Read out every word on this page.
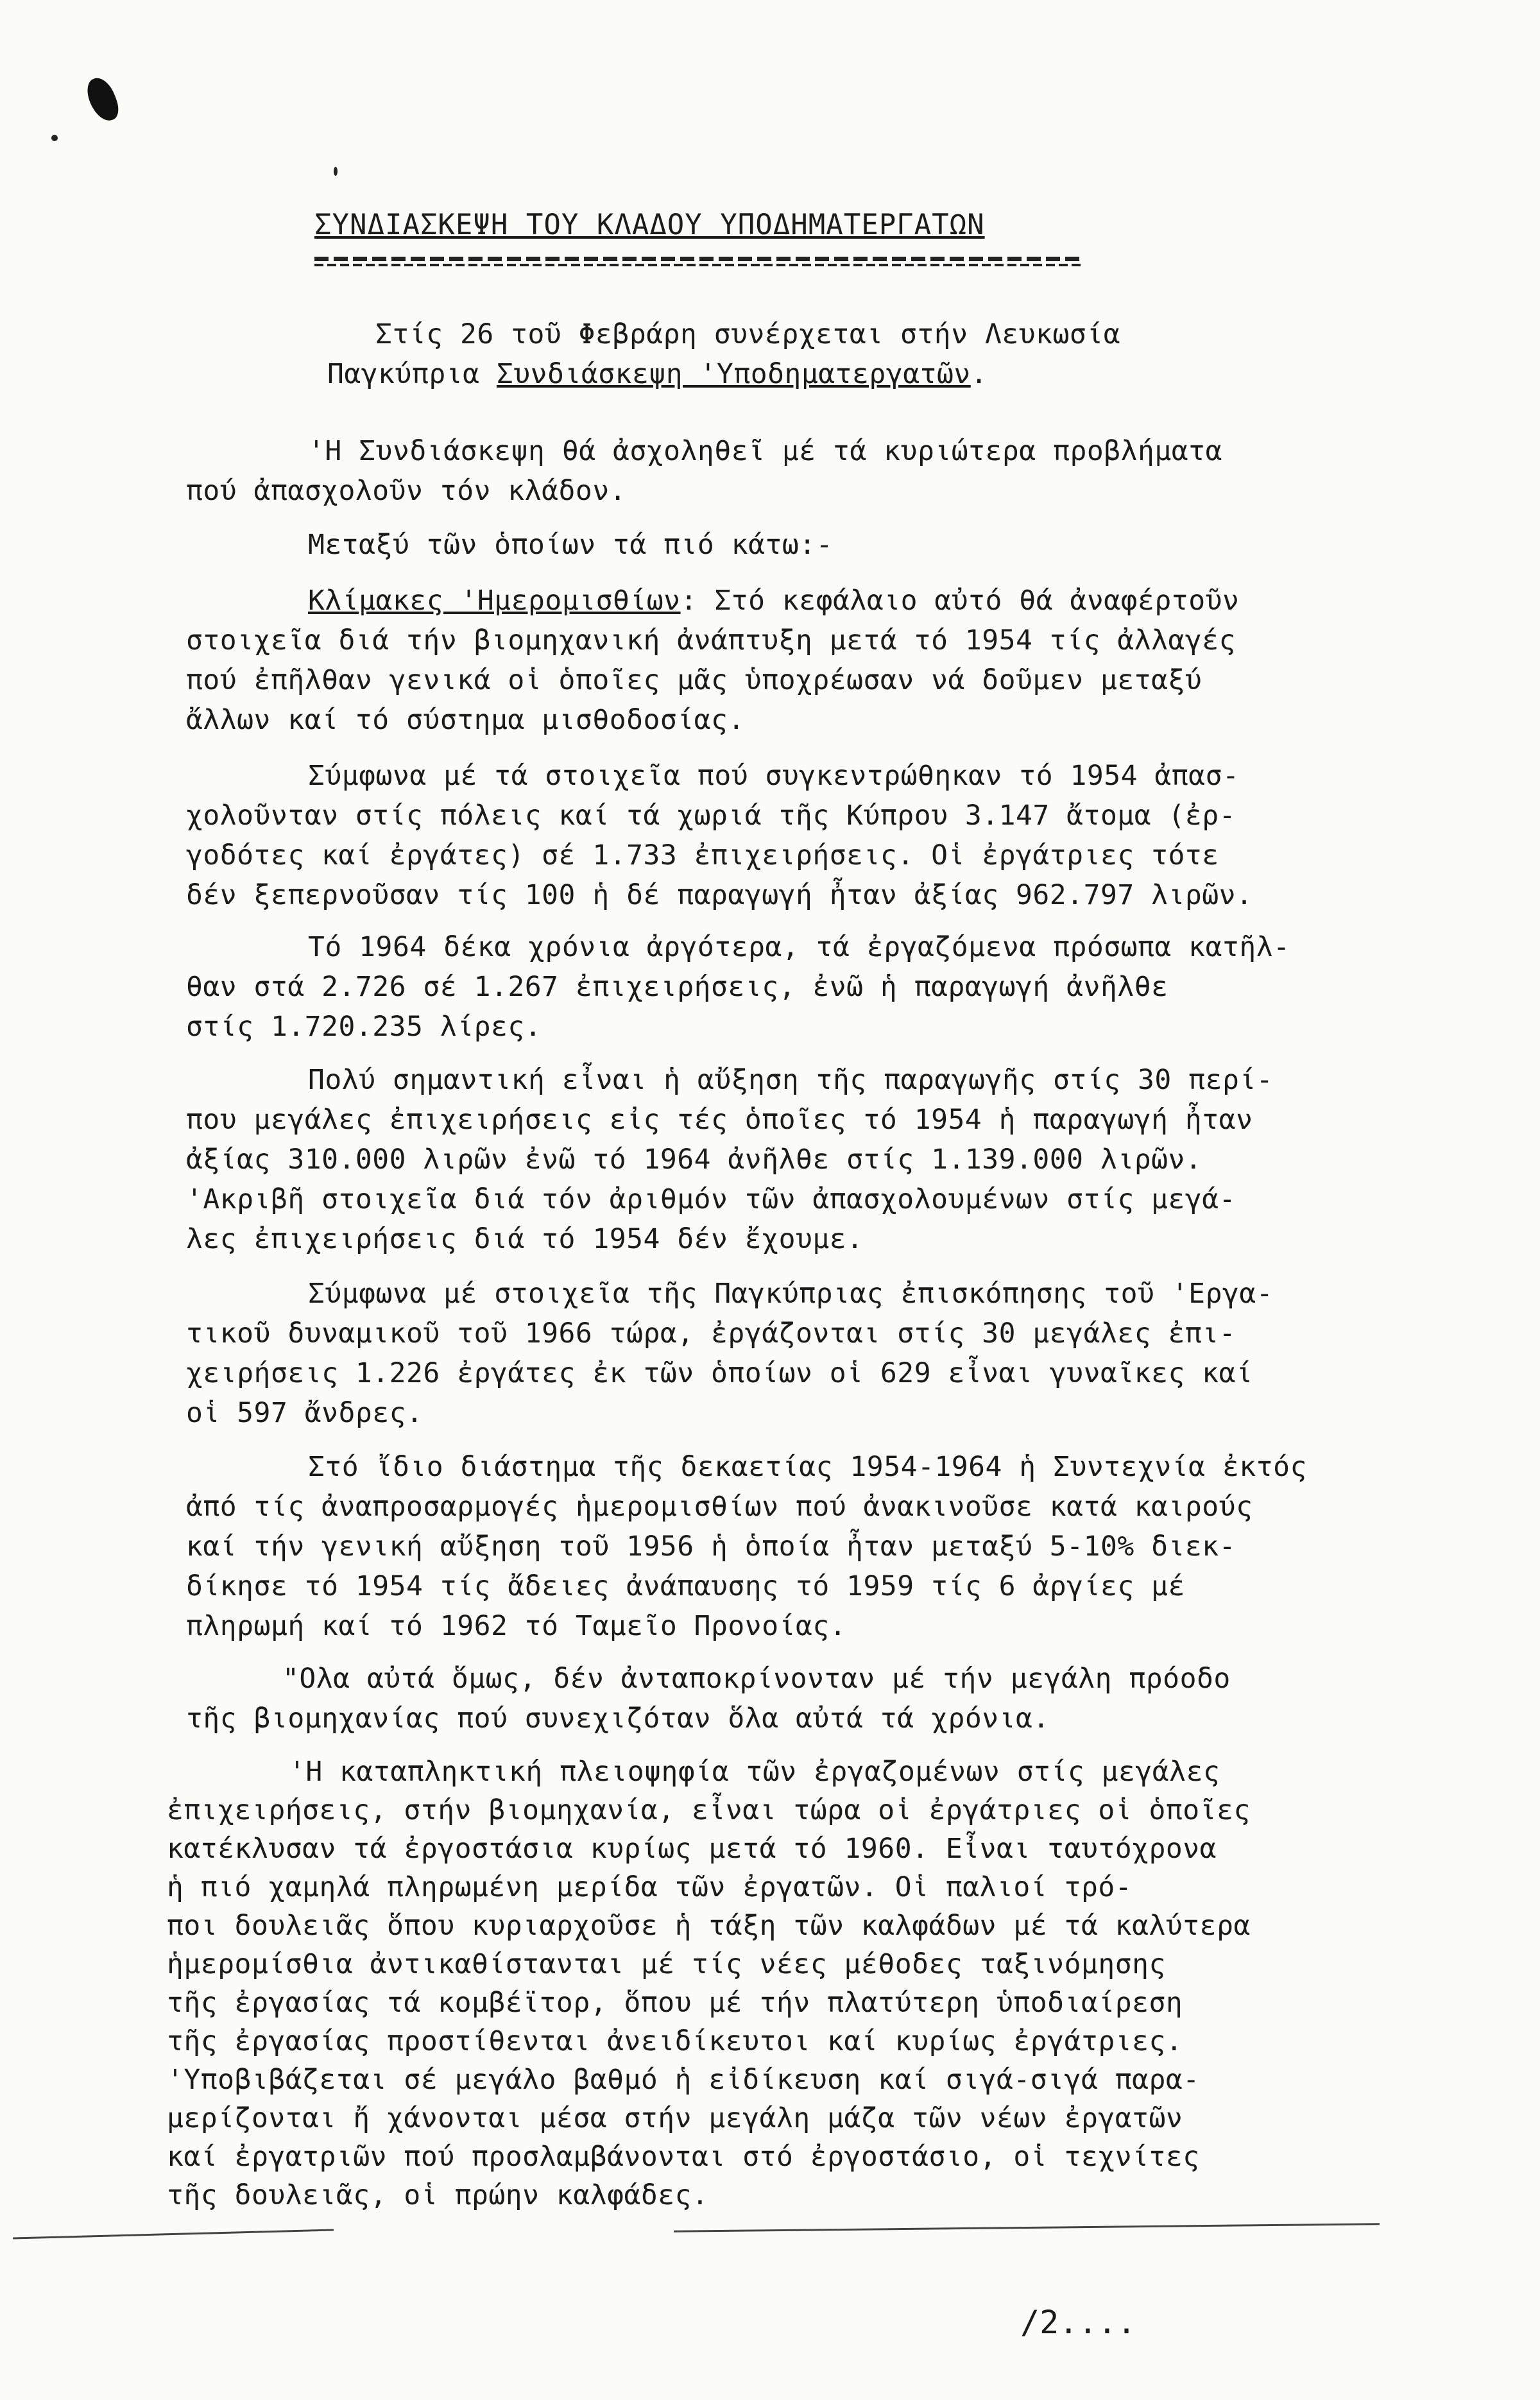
ΣΥΝΔΙΑΣΚΕΨΗ ΤΟΥ ΚΛΑΔΟΥ ΥΠΟΔΗΜΑΤΕΡΓΑΤΩΝ
Στίς 26 τοῦ Φεβράρη συνέρχεται στήν Λευκωσία
Παγκύπρια Συνδιάσκεψη 'Υποδηματεργατῶν.
'Η Συνδιάσκεψη θά ἀσχοληθεῖ μέ τά κυριώτερα προβλήματα
πού ἀπασχολοῦν τόν κλάδον.
Μεταξύ τῶν ὁποίων τά πιό κάτω:-
Κλίμακες 'Ημερομισθίων: Στό κεφάλαιο αὐτό θά ἀναφέρτοῦν
στοιχεῖα διά τήν βιομηχανική ἀνάπτυξη μετά τό 1954 τίς ἀλλαγές
πού ἐπῆλθαν γενικά οἱ ὁποῖες μᾶς ὑποχρέωσαν νά δοῦμεν μεταξύ
ἄλλων καί τό σύστημα μισθοδοσίας.
Σύμφωνα μέ τά στοιχεῖα πού συγκεντρώθηκαν τό 1954 ἀπασ-
χολοῦνταν στίς πόλεις καί τά χωριά τῆς Κύπρου 3.147 ἄτομα (ἐρ-
γοδότες καί ἐργάτες) σέ 1.733 ἐπιχειρήσεις. Οἱ ἐργάτριες τότε
δέν ξεπερνοῦσαν τίς 100 ἡ δέ παραγωγή ἦταν ἀξίας 962.797 λιρῶν.
Τό 1964 δέκα χρόνια ἀργότερα, τά ἐργαζόμενα πρόσωπα κατῆλ-
θαν στά 2.726 σέ 1.267 ἐπιχειρήσεις, ἐνῶ ἡ παραγωγή ἀνῆλθε
στίς 1.720.235 λίρες.
Πολύ σημαντική εἶναι ἡ αὔξηση τῆς παραγωγῆς στίς 30 περί-
που μεγάλες ἐπιχειρήσεις εἰς τές ὁποῖες τό 1954 ἡ παραγωγή ἦταν
ἀξίας 310.000 λιρῶν ἐνῶ τό 1964 ἀνῆλθε στίς 1.139.000 λιρῶν.
'Ακριβῆ στοιχεῖα διά τόν ἀριθμόν τῶν ἀπασχολουμένων στίς μεγά-
λες ἐπιχειρήσεις διά τό 1954 δέν ἔχουμε.
Σύμφωνα μέ στοιχεῖα τῆς Παγκύπριας ἐπισκόπησης τοῦ 'Εργα-
τικοῦ δυναμικοῦ τοῦ 1966 τώρα, ἐργάζονται στίς 30 μεγάλες ἐπι-
χειρήσεις 1.226 ἐργάτες ἐκ τῶν ὁποίων οἱ 629 εἶναι γυναῖκες καί
οἱ 597 ἄνδρες.
Στό ἴδιο διάστημα τῆς δεκαετίας 1954-1964 ἡ Συντεχνία ἐκτός
ἀπό τίς ἀναπροσαρμογές ἡμερομισθίων πού ἀνακινοῦσε κατά καιρούς
καί τήν γενική αὔξηση τοῦ 1956 ἡ ὁποία ἦταν μεταξύ 5-10% διεκ-
δίκησε τό 1954 τίς ἄδειες ἀνάπαυσης τό 1959 τίς 6 ἀργίες μέ
πληρωμή καί τό 1962 τό Ταμεῖο Προνοίας.
"Ολα αὐτά ὅμως, δέν ἀνταποκρίνονταν μέ τήν μεγάλη πρόοδο
τῆς βιομηχανίας πού συνεχιζόταν ὅλα αὐτά τά χρόνια.
'Η καταπληκτική πλειοψηφία τῶν ἐργαζομένων στίς μεγάλες
ἐπιχειρήσεις, στήν βιομηχανία, εἶναι τώρα οἱ ἐργάτριες οἱ ὁποῖες
κατέκλυσαν τά ἐργοστάσια κυρίως μετά τό 1960. Εἶναι ταυτόχρονα
ἡ πιό χαμηλά πληρωμένη μερίδα τῶν ἐργατῶν. Οἱ παλιοί τρό-
ποι δουλειᾶς ὅπου κυριαρχοῦσε ἡ τάξη τῶν καλφάδων μέ τά καλύτερα
ἡμερομίσθια ἀντικαθίστανται μέ τίς νέες μέθοδες ταξινόμησης
τῆς ἐργασίας τά κομβέϊτορ, ὅπου μέ τήν πλατύτερη ὑποδιαίρεση
τῆς ἐργασίας προστίθενται ἀνειδίκευτοι καί κυρίως ἐργάτριες.
'Υποβιβάζεται σέ μεγάλο βαθμό ἡ εἰδίκευση καί σιγά-σιγά παρα-
μερίζονται ἤ χάνονται μέσα στήν μεγάλη μάζα τῶν νέων ἐργατῶν
καί ἐργατριῶν πού προσλαμβάνονται στό ἐργοστάσιο, οἱ τεχνίτες
τῆς δουλειᾶς, οἱ πρώην καλφάδες.
/2....
